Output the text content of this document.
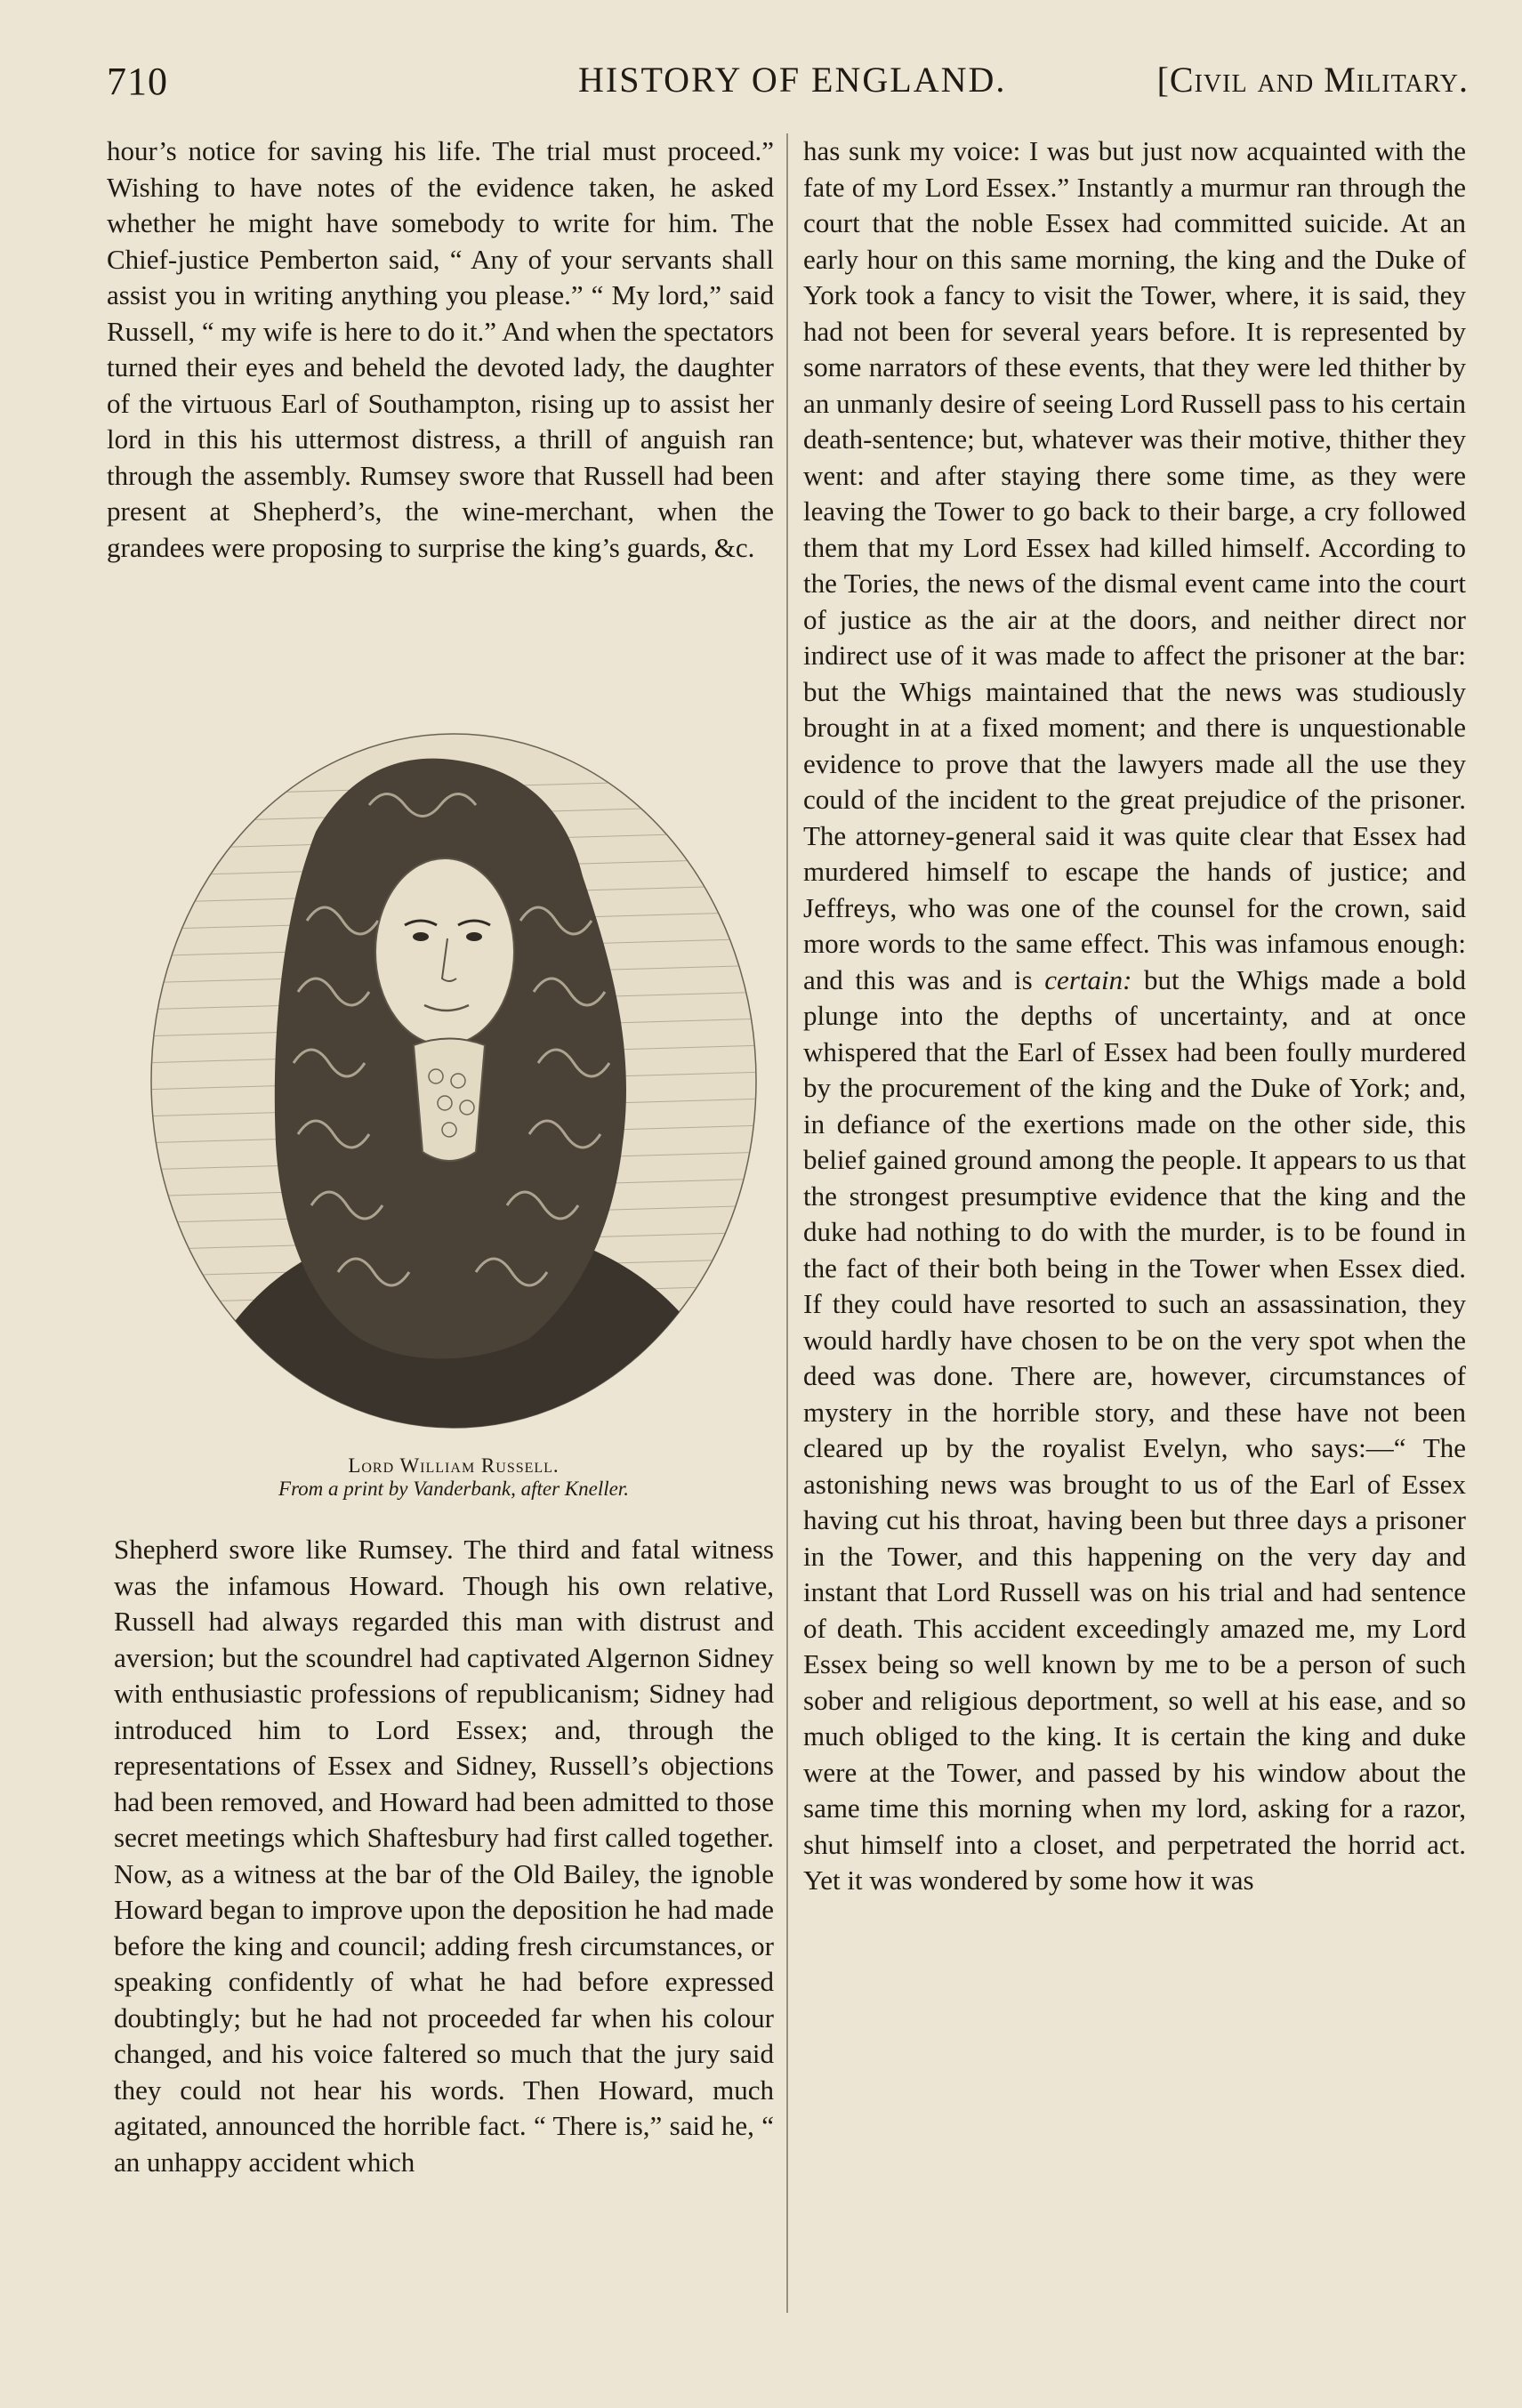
710	HISTORY OF ENGLAND.	[Civil and Military.

hour’s notice for saving his life. The trial must proceed.” Wishing to have notes of the evidence taken, he asked whether he might have somebody to write for him. The Chief-justice Pemberton said, “ Any of your servants shall assist you in writing anything you please.” “ My lord,” said Russell, “ my wife is here to do it.” And when the spectators turned their eyes and beheld the devoted lady, the daughter of the virtuous Earl of Southampton, rising up to assist her lord in this his uttermost distress, a thrill of anguish ran through the assembly. Rumsey swore that Russell had been present at Shepherd’s, the wine-merchant, when the grandees were proposing to surprise the king’s guards, &c.

Lord William Russell.
From a print by Vanderbank, after Kneller.

Shepherd swore like Rumsey. The third and fatal witness was the infamous Howard. Though his own relative, Russell had always regarded this man with distrust and aversion; but the scoundrel had captivated Algernon Sidney with enthusiastic professions of republicanism; Sidney had introduced him to Lord Essex; and, through the representations of Essex and Sidney, Russell’s objections had been removed, and Howard had been admitted to those secret meetings which Shaftesbury had first called together. Now, as a witness at the bar of the Old Bailey, the ignoble Howard began to improve upon the deposition he had made before the king and council; adding fresh circumstances, or speaking confidently of what he had before expressed doubtingly; but he had not proceeded far when his colour changed, and his voice faltered so much that the jury said they could not hear his words. Then Howard, much agitated, announced the horrible fact. “ There is,” said he, “ an unhappy accident which

has sunk my voice: I was but just now acquainted with the fate of my Lord Essex.” Instantly a murmur ran through the court that the noble Essex had committed suicide. At an early hour on this same morning, the king and the Duke of York took a fancy to visit the Tower, where, it is said, they had not been for several years before. It is represented by some narrators of these events, that they were led thither by an unmanly desire of seeing Lord Russell pass to his certain death-sentence; but, whatever was their motive, thither they went: and after staying there some time, as they were leaving the Tower to go back to their barge, a cry followed them that my Lord Essex had killed himself. According to the Tories, the news of the dismal event came into the court of justice as the air at the doors, and neither direct nor indirect use of it was made to affect the prisoner at the bar: but the Whigs maintained that the news was studiously brought in at a fixed moment; and there is unquestionable evidence to prove that the lawyers made all the use they could of the incident to the great prejudice of the prisoner. The attorney-general said it was quite clear that Essex had murdered himself to escape the hands of justice; and Jeffreys, who was one of the counsel for the crown, said more words to the same effect. This was infamous enough: and this was and is certain: but the Whigs made a bold plunge into the depths of uncertainty, and at once whispered that the Earl of Essex had been foully murdered by the procurement of the king and the Duke of York; and, in defiance of the exertions made on the other side, this belief gained ground among the people. It appears to us that the strongest presumptive evidence that the king and the duke had nothing to do with the murder, is to be found in the fact of their both being in the Tower when Essex died. If they could have resorted to such an assassination, they would hardly have chosen to be on the very spot when the deed was done. There are, however, circumstances of mystery in the horrible story, and these have not been cleared up by the royalist Evelyn, who says:—“ The astonishing news was brought to us of the Earl of Essex having cut his throat, having been but three days a prisoner in the Tower, and this happening on the very day and instant that Lord Russell was on his trial and had sentence of death. This accident exceedingly amazed me, my Lord Essex being so well known by me to be a person of such sober and religious deportment, so well at his ease, and so much obliged to the king. It is certain the king and duke were at the Tower, and passed by his window about the same time this morning when my lord, asking for a razor, shut himself into a closet, and perpetrated the horrid act. Yet it was wondered by some how it was
